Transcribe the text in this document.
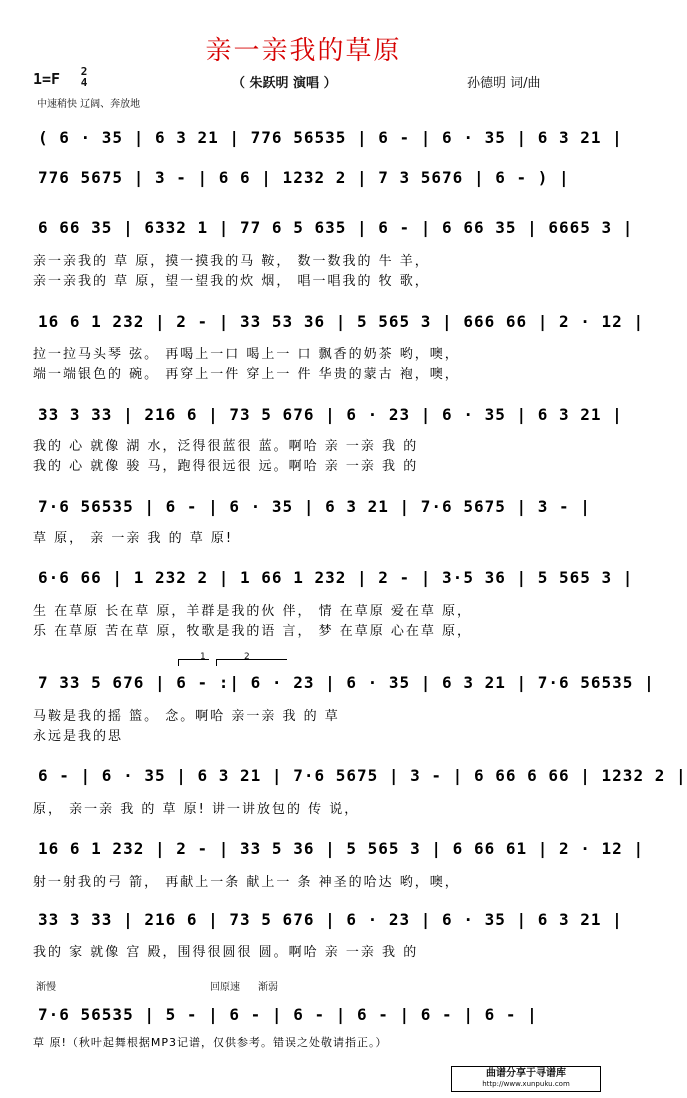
亲一亲我的草原
1=F 2
4	（ 朱跃明 演唱 ）	孙德明 词/曲
中速稍快 辽阔、奔放地
( 6 · 35 | 6 3 21 | 776 56535 | 6 - | 6 · 35 | 6 3 21 |
776 5675 | 3 - | 6 6 | 1232 2 | 7 3 5676 | 6 - ) |
6 66 35 | 6332 1 | 77 6 5 635 | 6 - | 6 66 35 | 6665 3 |
亲一亲我的 草 原，摸一摸我的马 鞍， 数一数我的 牛 羊，
亲一亲我的 草 原，望一望我的炊 烟， 唱一唱我的 牧 歌，
16 6 1 232 | 2 - | 33 53 36 | 5 565 3 | 666 66 | 2 · 12 |
拉一拉马头琴 弦。 再喝上一口 喝上一 口 飘香的奶茶 哟，噢，
端一端银色的 碗。 再穿上一件 穿上一 件 华贵的蒙古 袍，噢，
33 3 33 | 216 6 | 73 5 676 | 6 · 23 | 6 · 35 | 6 3 21 |
我的 心 就像 湖 水，泛得很蓝很 蓝。啊哈 亲 一亲 我 的
我的 心 就像 骏 马，跑得很远很 远。啊哈 亲 一亲 我 的
7·6 56535 | 6 - | 6 · 35 | 6 3 21 | 7·6 5675 | 3 - |
草 原， 亲 一亲 我 的 草 原!
6·6 66 | 1 232 2 | 1 66 1 232 | 2 - | 3·5 36 | 5 565 3 |
生 在草原 长在草 原，羊群是我的伙 伴， 情 在草原 爱在草 原，
乐 在草原 苦在草 原，牧歌是我的语 言， 梦 在草原 心在草 原，
1	2
7 33 5 676 | 6 - :| 6 · 23 | 6 · 35 | 6 3 21 | 7·6 56535 |
马鞍是我的摇 篮。 念。啊哈 亲一亲 我 的 草
永远是我的思
6 - | 6 · 35 | 6 3 21 | 7·6 5675 | 3 - | 6 66 6 66 | 1232 2 |
原， 亲一亲 我 的 草 原! 讲一讲放包的 传 说，
16 6 1 232 | 2 - | 33 5 36 | 5 565 3 | 6 66 61 | 2 · 12 |
射一射我的弓 箭， 再献上一条 献上一 条 神圣的哈达 哟，噢，
33 3 33 | 216 6 | 73 5 676 | 6 · 23 | 6 · 35 | 6 3 21 |
我的 家 就像 宫 殿，围得很圆很 圆。啊哈 亲 一亲 我 的
渐慢	回原速 渐弱
7·6 56535 | 5 - | 6 - | 6 - | 6 - | 6 - | 6 - |
草 原!（秋叶起舞根据MP3记谱，仅供参考。错误之处敬请指正。）
曲谱分享于寻谱库
http://www.xunpuku.com
